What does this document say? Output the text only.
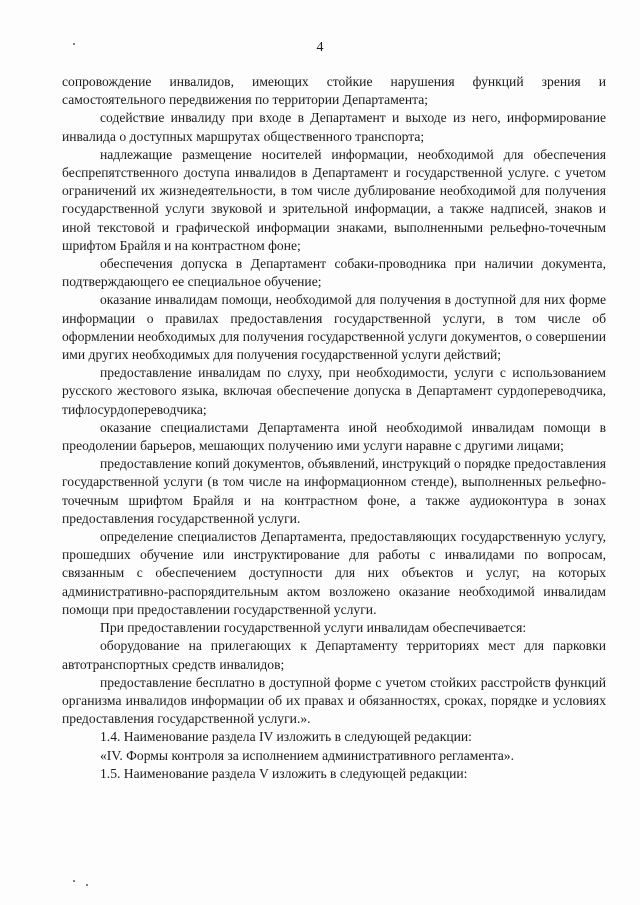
4

сопровождение инвалидов, имеющих стойкие нарушения функций зрения и самостоятельного передвижения по территории Департамента;

содействие инвалиду при входе в Департамент и выходе из него, информирование инвалида о доступных маршрутах общественного транспорта;

надлежащие размещение носителей информации, необходимой для обеспечения беспрепятственного доступа инвалидов в Департамент и государственной услуге. с учетом ограничений их жизнедеятельности, в том числе дублирование необходимой для получения государственной услуги звуковой и зрительной информации, а также надписей, знаков и иной текстовой и графической информации знаками, выполненными рельефно-точечным шрифтом Брайля и на контрастном фоне;

обеспечения допуска в Департамент собаки-проводника при наличии документа, подтверждающего ее специальное обучение;

оказание инвалидам помощи, необходимой для получения в доступной для них форме информации о правилах предоставления государственной услуги, в том числе об оформлении необходимых для получения государственной услуги документов, о совершении ими других необходимых для получения государственной услуги действий;

предоставление инвалидам по слуху, при необходимости, услуги с использованием русского жестового языка, включая обеспечение допуска в Департамент сурдопереводчика, тифлосурдопереводчика;

оказание специалистами Департамента иной необходимой инвалидам помощи в преодолении барьеров, мешающих получению ими услуги наравне с другими лицами;

предоставление копий документов, объявлений, инструкций о порядке предоставления государственной услуги (в том числе на информационном стенде), выполненных рельефно-точечным шрифтом Брайля и на контрастном фоне, а также аудиоконтура в зонах предоставления государственной услуги.

определение специалистов Департамента, предоставляющих государственную услугу, прошедших обучение или инструктирование для работы с инвалидами по вопросам, связанным с обеспечением доступности для них объектов и услуг, на которых административно-распорядительным актом возложено оказание необходимой инвалидам помощи при предоставлении государственной услуги.

При предоставлении государственной услуги инвалидам обеспечивается:

оборудование на прилегающих к Департаменту территориях мест для парковки автотранспортных средств инвалидов;

предоставление бесплатно в доступной форме с учетом стойких расстройств функций организма инвалидов информации об их правах и обязанностях, сроках, порядке и условиях предоставления государственной услуги.».

1.4. Наименование раздела IV изложить в следующей редакции:

«IV. Формы контроля за исполнением административного регламента».

1.5. Наименование раздела V изложить в следующей редакции:
